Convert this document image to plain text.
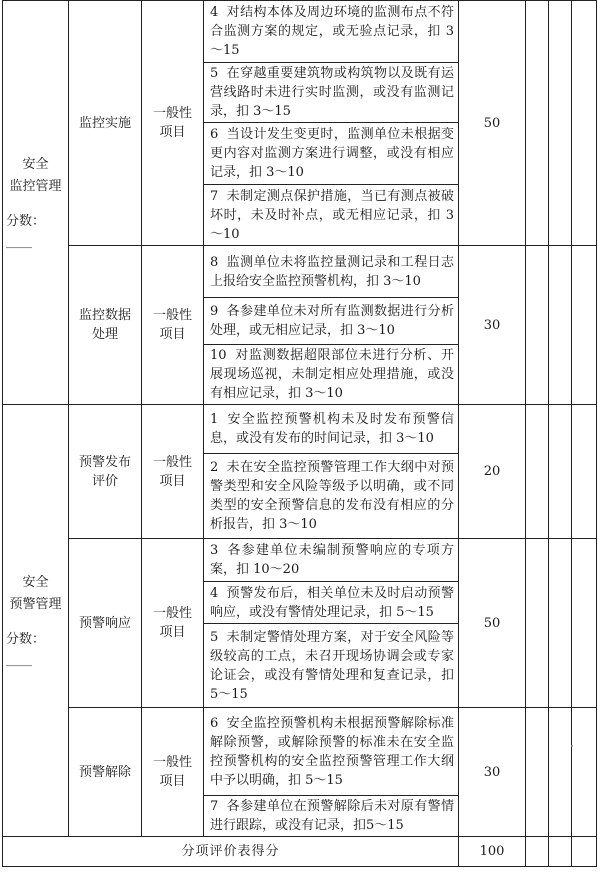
安全
监控管理
分数：____	监控实施	一般性
项目	4 对结构本体及周边环境的监测布点不符合监测方案的规定，或无验点记录，扣 3～15	50			
			5 在穿越重要建筑物或构筑物以及既有运营线路时未进行实时监测，或没有监测记录，扣 3～15				
			6 当设计发生变更时，监测单位未根据变更内容对监测方案进行调整，或没有相应记录，扣 3～10				
			7 未制定测点保护措施，当已有测点被破坏时，未及时补点，或无相应记录，扣 3～10				

	监控数据
处理	一般性
项目	8 监测单位未将监控量测记录和工程日志上报给安全监控预警机构，扣 3～10	30			
			9 各参建单位未对所有监测数据进行分析处理，或无相应记录，扣 3～10				
			10 对监测数据超限部位未进行分析、开展现场巡视，未制定相应处理措施，或没有相应记录，扣 3～10				

安全
预警管理
分数：____	预警发布
评价	一般性
项目	1 安全监控预警机构未及时发布预警信息，或没有发布的时间记录，扣 3～10	20			
			2 未在安全监控预警管理工作大纲中对预警类型和安全风险等级予以明确，或不同类型的安全预警信息的发布没有相应的分析报告，扣 3～10				

	预警响应	一般性
项目	3 各参建单位未编制预警响应的专项方案，扣 10～20	50			
			4 预警发布后，相关单位未及时启动预警响应，或没有警情处理记录，扣 5～15				
			5 未制定警情处理方案，对于安全风险等级较高的工点，未召开现场协调会或专家论证会，或没有警情处理和复查记录，扣 5～15				

	预警解除	一般性
项目	6 安全监控预警机构未根据预警解除标准解除预警，或解除预警的标准未在安全监控预警机构的安全监控预警管理工作大纲中予以明确，扣 5～15	30			
			7 各参建单位在预警解除后未对原有警情进行跟踪，或没有记录，扣5～15				
分项评价表得分				100			
